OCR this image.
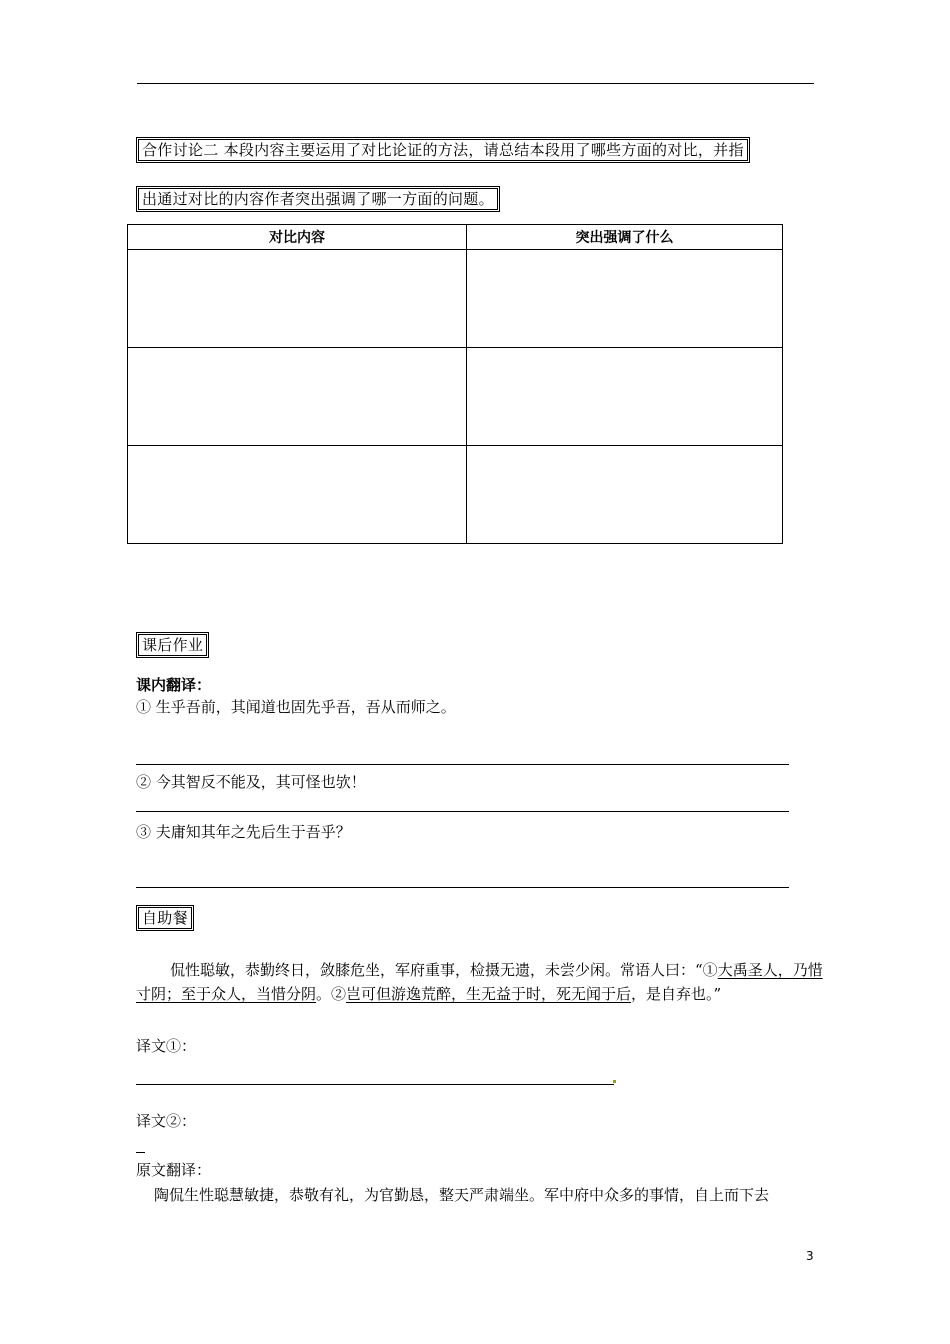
合作讨论二 本段内容主要运用了对比论证的方法，请总结本段用了哪些方面的对比，并指
出通过对比的内容作者突出强调了哪一方面的问题。
对比内容	突出强调了什么

课后作业
课内翻译：
① 生乎吾前，其闻道也固先乎吾，吾从而师之。
② 今其智反不能及，其可怪也欤！
③ 夫庸知其年之先后生于吾乎？
自助餐
侃性聪敏，恭勤终日，敛膝危坐，军府重事，检摄无遗，未尝少闲。常语人曰：“①大禹圣人，乃惜寸阴；至于众人，当惜分阴。②岂可但游逸荒醉，生无益于时，死无闻于后，是自弃也。”
译文①：
译文②：
原文翻译：
陶侃生性聪慧敏捷，恭敬有礼，为官勤恳，整天严肃端坐。军中府中众多的事情，自上而下去
3
